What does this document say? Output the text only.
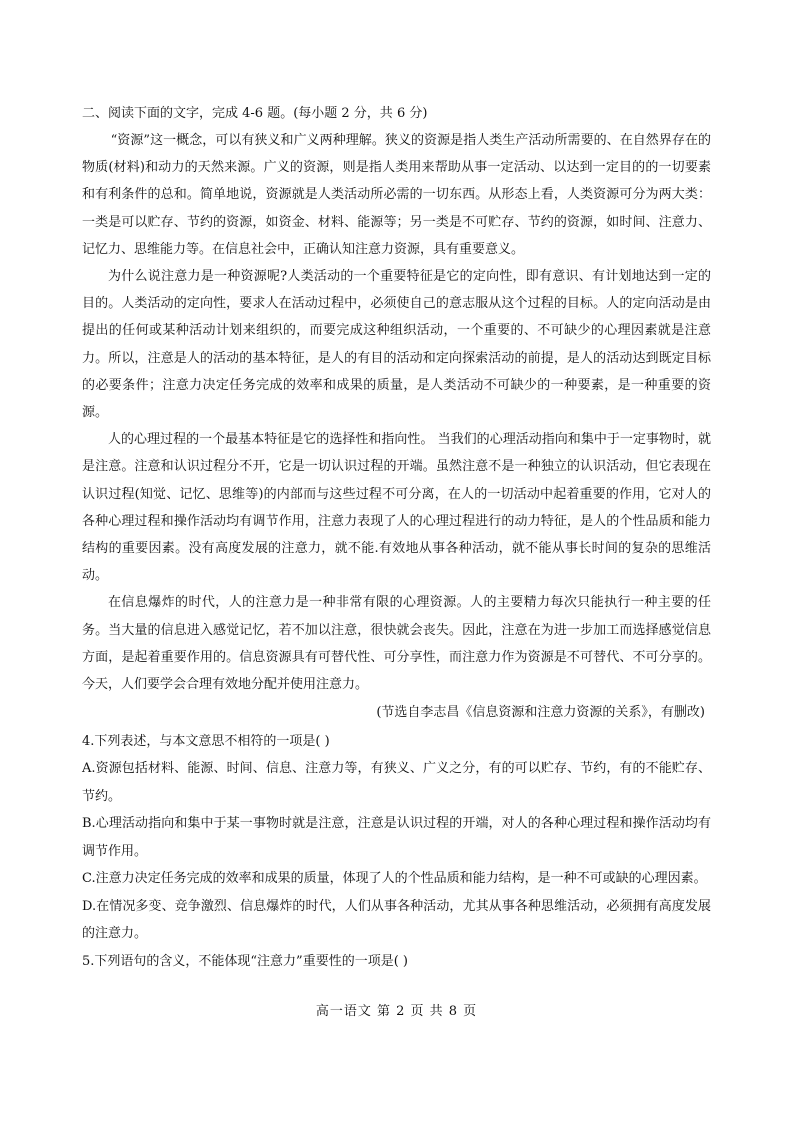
二、阅读下面的文字，完成 4-6 题。(每小题 2 分，共 6 分)

“资源”这一概念，可以有狭义和广义两种理解。狭义的资源是指人类生产活动所需要的、在自然界存在的物质(材料)和动力的天然来源。广义的资源，则是指人类用来帮助从事一定活动、以达到一定目的的一切要素和有利条件的总和。简单地说，资源就是人类活动所必需的一切东西。从形态上看，人类资源可分为两大类：一类是可以贮存、节约的资源，如资金、材料、能源等；另一类是不可贮存、节约的资源，如时间、注意力、记忆力、思维能力等。在信息社会中，正确认知注意力资源，具有重要意义。

为什么说注意力是一种资源呢?人类活动的一个重要特征是它的定向性，即有意识、有计划地达到一定的目的。人类活动的定向性，要求人在活动过程中，必须使自己的意志服从这个过程的目标。人的定向活动是由提出的任何或某种活动计划来组织的，而要完成这种组织活动，一个重要的、不可缺少的心理因素就是注意力。所以，注意是人的活动的基本特征，是人的有目的活动和定向探索活动的前提，是人的活动达到既定目标的必要条件；注意力决定任务完成的效率和成果的质量，是人类活动不可缺少的一种要素，是一种重要的资源。

人的心理过程的一个最基本特征是它的选择性和指向性。 当我们的心理活动指向和集中于一定事物时，就是注意。注意和认识过程分不开，它是一切认识过程的开端。虽然注意不是一种独立的认识活动，但它表现在认识过程(知觉、记忆、思维等)的内部而与这些过程不可分离，在人的一切活动中起着重要的作用，它对人的各种心理过程和操作活动均有调节作用，注意力表现了人的心理过程进行的动力特征，是人的个性品质和能力结构的重要因素。没有高度发展的注意力，就不能.有效地从事各种活动，就不能从事长时间的复杂的思维活动。

在信息爆炸的时代，人的注意力是一种非常有限的心理资源。人的主要精力每次只能执行一种主要的任务。当大量的信息进入感觉记忆，若不加以注意，很快就会丧失。因此，注意在为进一步加工而选择感觉信息方面，是起着重要作用的。信息资源具有可替代性、可分享性，而注意力作为资源是不可替代、不可分享的。今天，人们要学会合理有效地分配并使用注意力。

(节选自李志昌《信息资源和注意力资源的关系》，有删改)

4.下列表述，与本文意思不相符的一项是( )

A.资源包括材料、能源、时间、信息、注意力等，有狭义、广义之分，有的可以贮存、节约，有的不能贮存、节约。

B.心理活动指向和集中于某一事物时就是注意，注意是认识过程的开端，对人的各种心理过程和操作活动均有调节作用。

C.注意力决定任务完成的效率和成果的质量，体现了人的个性品质和能力结构，是一种不可或缺的心理因素。

D.在情况多变、竞争激烈、信息爆炸的时代，人们从事各种活动，尤其从事各种思维活动，必须拥有高度发展的注意力。

5.下列语句的含义，不能体现“注意力”重要性的一项是( )

高一语文 第 2 页 共 8 页
